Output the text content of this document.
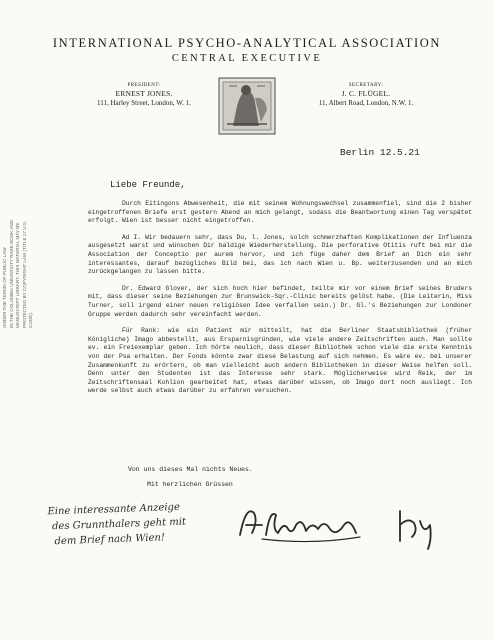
INTERNATIONAL PSYCHO-ANALYTICAL ASSOCIATION
CENTRAL EXECUTIVE
PRESIDENT:
ERNEST JONES.
111, Harley Street, London, W. 1.
SECRETARY:
J. C. FLÜGEL.
11, Albert Road, London, N.W. 1.
UNDER THE TERMS OF PUBLIC LAW IN THE COLUMBIA UNIVERSITY RARE BOOK AND MANUSCRIPT LIBRARY. THIS MATERIAL MAY BE PROTECTED BY COPYRIGHT LAW (TITLE 17 U.S. CODE).
Berlin 12.5.21
Liebe Freunde,

Durch Eitingons Abwesenheit, die mit seinem Wohnungswechsel zusammenfiel, sind die 2 bisher eingetroffenen Briefe erst gestern Abend an mich gelangt, sodass die Beantwortung einen Tag verspätet erfolgt. Wien ist besser nicht eingetroffen.

Ad I. Wir bedauern sehr, dass Du, l. Jones, solch schmerzhaften Komplikationen der Influenza ausgesetzt warst und wünschen Dir baldige Wiederherstellung. Die perforative Otitis ruft bei mir die Association der Conceptio per aurem hervor, und ich füge daher dem Brief an Dich ein sehr interessantes, darauf bezügliches Bild bei, das ich nach Wien u. Bp. weiterzusenden und an mich zurückgelangen zu lassen bitte.

Dr. Edward Glover, der sich hoch hier befindet, teilte mir vor einem Brief seines Bruders mit, dass dieser seine Beziehungen zur Brunswick-Sqr.-Clinic bereits gelöst habe. (Die Leiterin, Miss Turner, soll irgend einer neuen religiösen Idee verfallen sein.) Dr. Gl.'s Beziehungen zur Londoner Gruppe werden dadurch sehr vereinfacht werden.

Für Rank: wie ein Patient mir mitteilt, hat die Berliner Staatsbibliothek (früher Königliche) Imago abbestellt, aus Ersparnisgründen, wie viele andere Zeitschriften auch. Man sollte ev. ein Freiexemplar geben. Ich hörte neulich, dass dieser Bibliothek schon viele die erste Kenntnis von der Psa erhalten. Der Fonds könnte zwar diese Belastung auf sich nehmen. Es wäre ev. bei unserer Zusammenkunft zu erörtern, ob man vielleicht auch andern Bibliotheken in dieser Weise helfen soll. Denn unter den Studenten ist das Interesse sehr stark. Möglicherweise wird Reik, der im Zeitschriftensaal Kohlion gearbeitet hat, etwas darüber wissen, ob Imago dort noch ausliegt. Ich werde selbst auch etwas darüber zu erfahren versuchen.

Von uns dieses Mal nichts Neues.
Mit herzlichen Grüssen
Eine interessante Anzeige
des Grunnthalers geht mit
dem Brief nach Wien!
